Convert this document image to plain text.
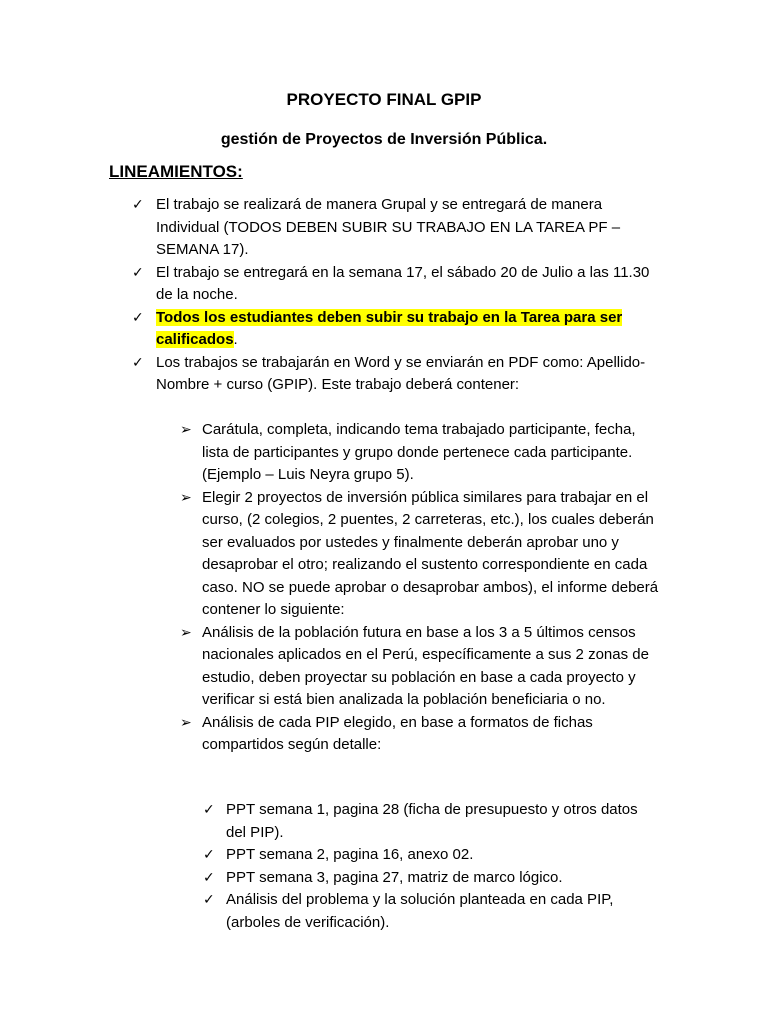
PROYECTO FINAL GPIP
gestión de Proyectos de Inversión Pública.
LINEAMIENTOS:
✓ El trabajo se realizará de manera Grupal y se entregará de manera Individual (TODOS DEBEN SUBIR SU TRABAJO EN LA TAREA PF – SEMANA 17).
✓ El trabajo se entregará en la semana 17, el sábado 20 de Julio a las 11.30 de la noche.
✓ Todos los estudiantes deben subir su trabajo en la Tarea para ser calificados.
✓ Los trabajos se trabajarán en Word y se enviarán en PDF como: Apellido-Nombre + curso (GPIP). Este trabajo deberá contener:
➢ Carátula, completa, indicando tema trabajado participante, fecha, lista de participantes y grupo donde pertenece cada participante. (Ejemplo – Luis Neyra grupo 5).
➢ Elegir 2 proyectos de inversión pública similares para trabajar en el curso, (2 colegios, 2 puentes, 2 carreteras, etc.), los cuales deberán ser evaluados por ustedes y finalmente deberán aprobar uno y desaprobar el otro; realizando el sustento correspondiente en cada caso. NO se puede aprobar o desaprobar ambos), el informe deberá contener lo siguiente:
➢ Análisis de la población futura en base a los 3 a 5 últimos censos nacionales aplicados en el Perú, específicamente a sus 2 zonas de estudio, deben proyectar su población en base a cada proyecto y verificar si está bien analizada la población beneficiaria o no.
➢ Análisis de cada PIP elegido, en base a formatos de fichas compartidos según detalle:
✓ PPT semana 1, pagina 28 (ficha de presupuesto y otros datos del PIP).
✓ PPT semana 2, pagina 16, anexo 02.
✓ PPT semana 3, pagina 27, matriz de marco lógico.
✓ Análisis del problema y la solución planteada en cada PIP, (arboles de verificación).
